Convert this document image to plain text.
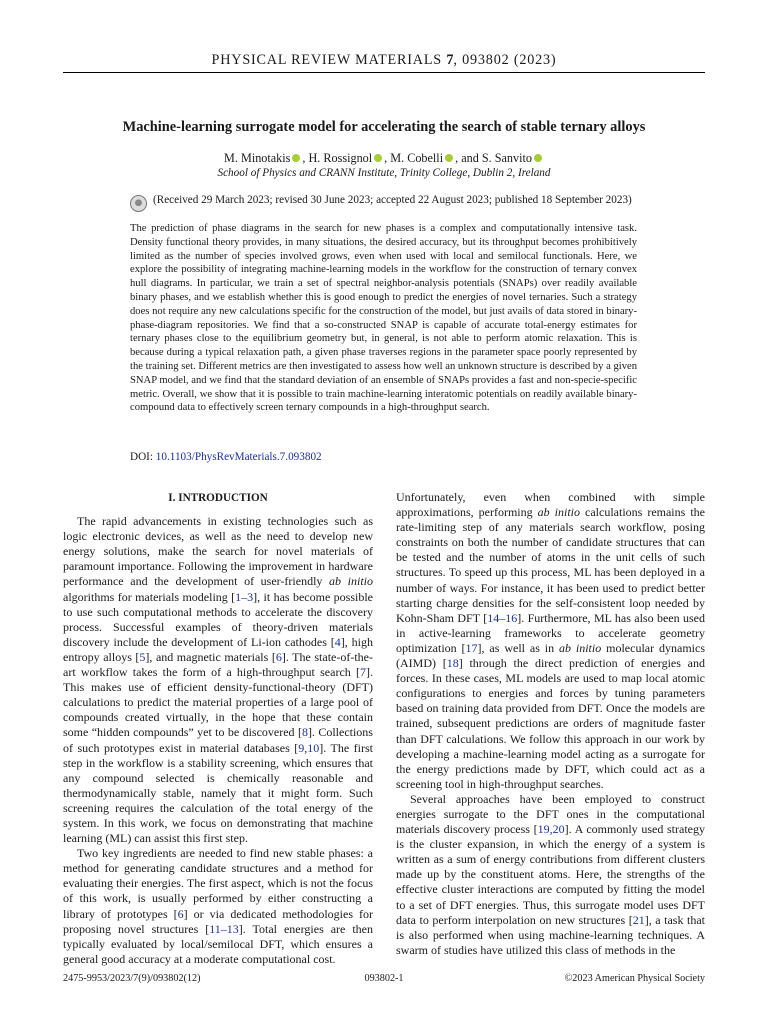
PHYSICAL REVIEW MATERIALS 7, 093802 (2023)
Machine-learning surrogate model for accelerating the search of stable ternary alloys
M. Minotakis , H. Rossignol , M. Cobelli , and S. Sanvito
School of Physics and CRANN Institute, Trinity College, Dublin 2, Ireland
(Received 29 March 2023; revised 30 June 2023; accepted 22 August 2023; published 18 September 2023)
The prediction of phase diagrams in the search for new phases is a complex and computationally intensive task. Density functional theory provides, in many situations, the desired accuracy, but its throughput becomes prohibitively limited as the number of species involved grows, even when used with local and semilocal functionals. Here, we explore the possibility of integrating machine-learning models in the workflow for the construction of ternary convex hull diagrams. In particular, we train a set of spectral neighbor-analysis potentials (SNAPs) over readily available binary phases, and we establish whether this is good enough to predict the energies of novel ternaries. Such a strategy does not require any new calculations specific for the construction of the model, but just avails of data stored in binary-phase-diagram repositories. We find that a so-constructed SNAP is capable of accurate total-energy estimates for ternary phases close to the equilibrium geometry but, in general, is not able to perform atomic relaxation. This is because during a typical relaxation path, a given phase traverses regions in the parameter space poorly represented by the training set. Different metrics are then investigated to assess how well an unknown structure is described by a given SNAP model, and we find that the standard deviation of an ensemble of SNAPs provides a fast and non-specie-specific metric. Overall, we show that it is possible to train machine-learning interatomic potentials on readily available binary-compound data to effectively screen ternary compounds in a high-throughput search.
DOI: 10.1103/PhysRevMaterials.7.093802
I. INTRODUCTION

The rapid advancements in existing technologies such as logic electronic devices, as well as the need to develop new energy solutions, make the search for novel materials of paramount importance. Following the improvement in hardware performance and the development of user-friendly ab initio algorithms for materials modeling [1–3], it has become possible to use such computational methods to accelerate the discovery process. Successful examples of theory-driven materials discovery include the development of Li-ion cathodes [4], high entropy alloys [5], and magnetic materials [6]. The state-of-the-art workflow takes the form of a high-throughput search [7]. This makes use of efficient density-functional-theory (DFT) calculations to predict the material properties of a large pool of compounds created virtually, in the hope that these contain some “hidden compounds” yet to be discovered [8]. Collections of such prototypes exist in material databases [9,10]. The first step in the workflow is a stability screening, which ensures that any compound selected is chemically reasonable and thermodynamically stable, namely that it might form. Such screening requires the calculation of the total energy of the system. In this work, we focus on demonstrating that machine learning (ML) can assist this first step.

Two key ingredients are needed to find new stable phases: a method for generating candidate structures and a method for evaluating their energies. The first aspect, which is not the focus of this work, is usually performed by either constructing a library of prototypes [6] or via dedicated methodologies for proposing novel structures [11–13]. Total energies are then typically evaluated by local/semilocal DFT, which ensures a general good accuracy at a moderate computational cost.

Unfortunately, even when combined with simple approximations, performing ab initio calculations remains the rate-limiting step of any materials search workflow, posing constraints on both the number of candidate structures that can be tested and the number of atoms in the unit cells of such structures. To speed up this process, ML has been deployed in a number of ways. For instance, it has been used to predict better starting charge densities for the self-consistent loop needed by Kohn-Sham DFT [14–16]. Furthermore, ML has also been used in active-learning frameworks to accelerate geometry optimization [17], as well as in ab initio molecular dynamics (AIMD) [18] through the direct prediction of energies and forces. In these cases, ML models are used to map local atomic configurations to energies and forces by tuning parameters based on training data provided from DFT. Once the models are trained, subsequent predictions are orders of magnitude faster than DFT calculations. We follow this approach in our work by developing a machine-learning model acting as a surrogate for the energy predictions made by DFT, which could act as a screening tool in high-throughput searches.

Several approaches have been employed to construct energies surrogate to the DFT ones in the computational materials discovery process [19,20]. A commonly used strategy is the cluster expansion, in which the energy of a system is written as a sum of energy contributions from different clusters made up by the constituent atoms. Here, the strengths of the effective cluster interactions are computed by fitting the model to a set of DFT energies. Thus, this surrogate model uses DFT data to perform interpolation on new structures [21], a task that is also performed when using machine-learning techniques. A swarm of studies have utilized this class of methods in the

2475-9953/2023/7(9)/093802(12)	093802-1	©2023 American Physical Society
